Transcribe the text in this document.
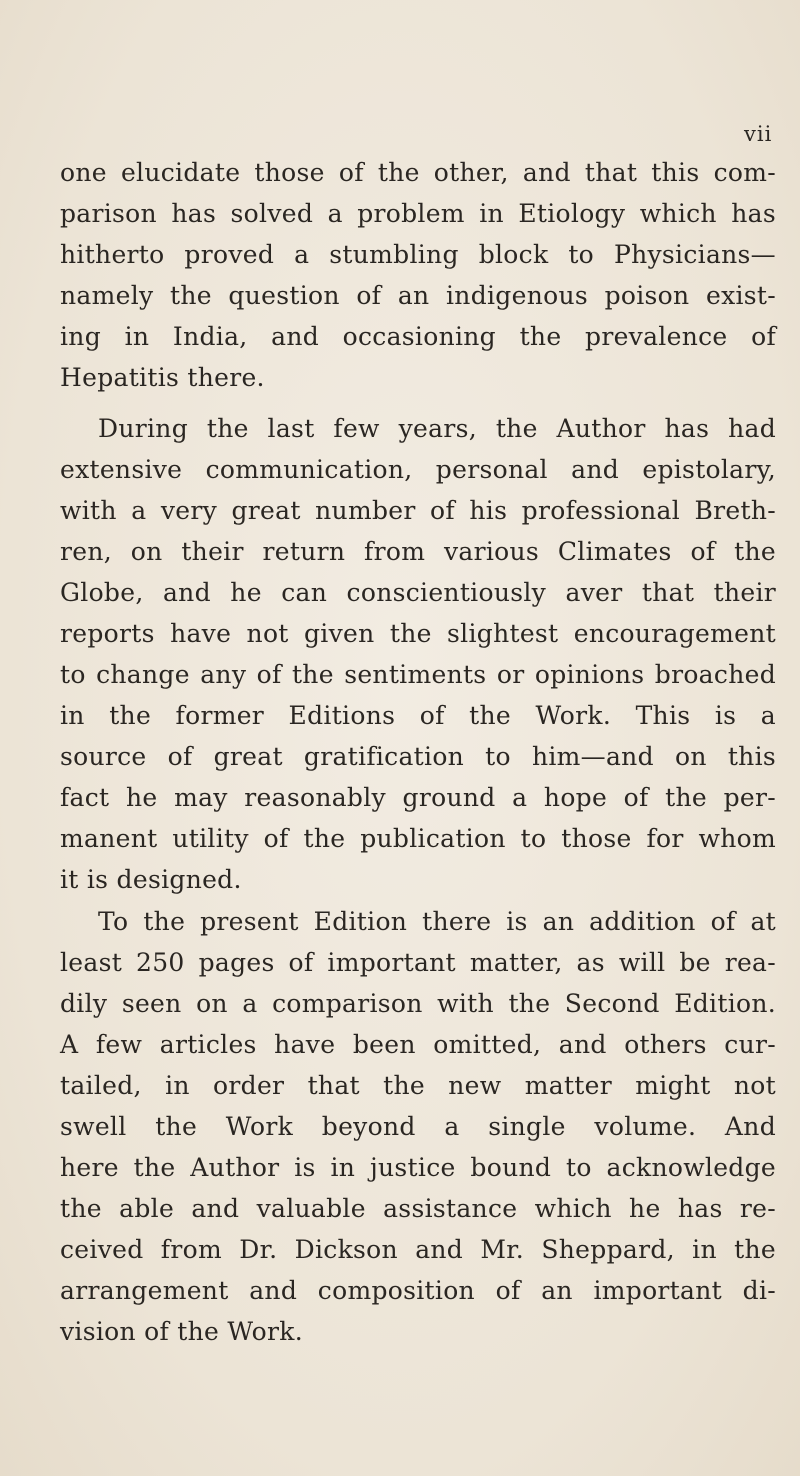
vii
one elucidate those of the other, and that this com-
parison has solved a problem in Etiology which has
hitherto proved a stumbling block to Physicians—
namely the question of an indigenous poison exist-
ing in India, and occasioning the prevalence of
Hepatitis there.
During the last few years, the Author has had
extensive communication, personal and epistolary,
with a very great number of his professional Breth-
ren, on their return from various Climates of the
Globe, and he can conscientiously aver that their
reports have not given the slightest encouragement
to change any of the sentiments or opinions broached
in the former Editions of the Work. This is a
source of great gratification to him—and on this
fact he may reasonably ground a hope of the per-
manent utility of the publication to those for whom
it is designed.
To the present Edition there is an addition of at
least 250 pages of important matter, as will be rea-
dily seen on a comparison with the Second Edition.
A few articles have been omitted, and others cur-
tailed, in order that the new matter might not
swell the Work beyond a single volume. And
here the Author is in justice bound to acknowledge
the able and valuable assistance which he has re-
ceived from Dr. Dickson and Mr. Sheppard, in the
arrangement and composition of an important di-
vision of the Work.
